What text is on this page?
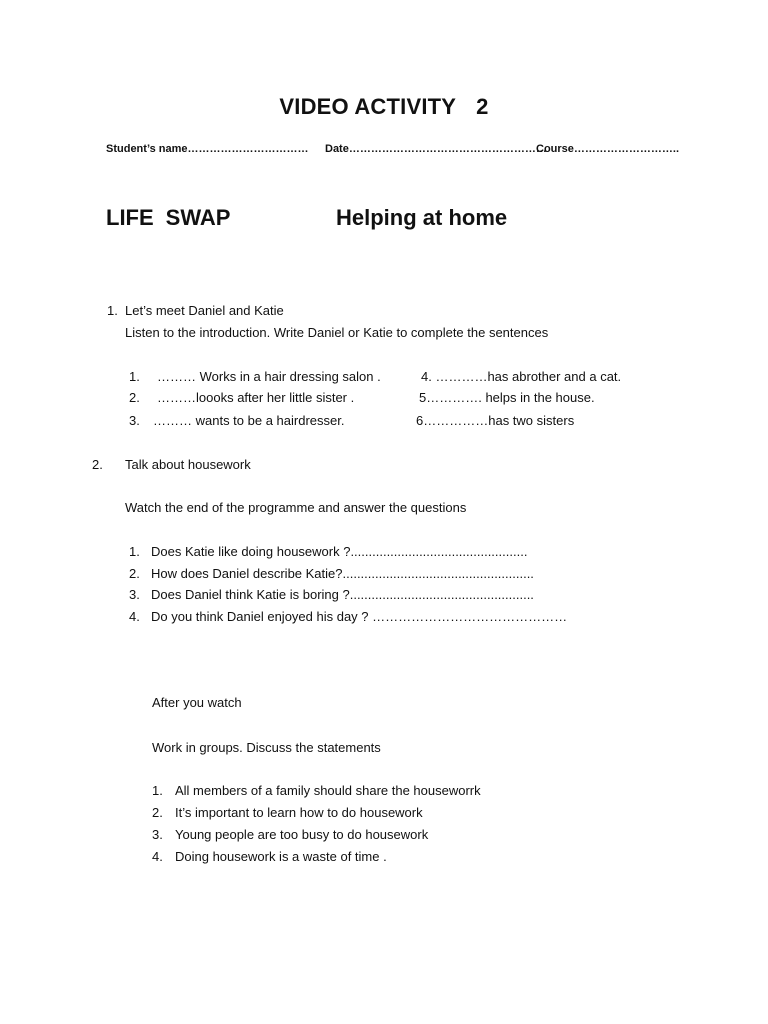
VIDEO ACTIVITY 2
Student’s name…………………………… Date………………………………………………
Course………………………..
LIFE SWAP	Helping at home
1. Let’s meet Daniel and Katie
Listen to the introduction. Write Daniel or Katie to complete the sentences
1. ……… Works in a hair dressing salon .
2. ………loooks after her little sister .
3. ……… wants to be a hairdresser.
4. …………has abrother and a cat.
5…………. helps in the house.
6……………has two sisters
2. Talk about housework
Watch the end of the programme and answer the questions
1. Does Katie like doing housework ?.................................................
2. How does Daniel describe Katie?.....................................................
3. Does Daniel think Katie is boring ?...................................................
4. Do you think Daniel enjoyed his day ? ………………………………………
After you watch
Work in groups. Discuss the statements
1. All members of a family should share the houseworrk
2. It’s important to learn how to do housework
3. Young people are too busy to do housework
4. Doing housework is a waste of time .
